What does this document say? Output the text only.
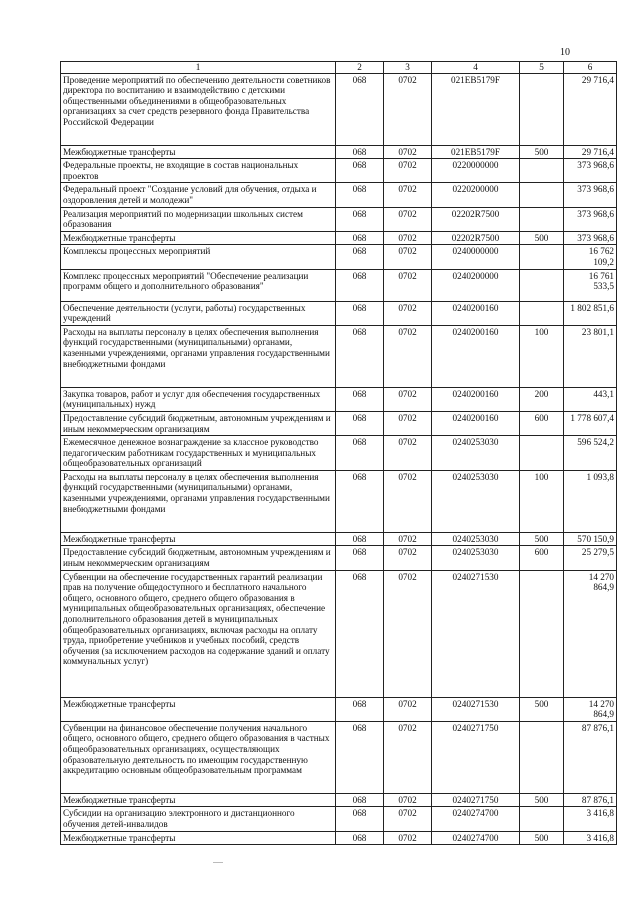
10
1	2	3	4	5	6
Проведение мероприятий по обеспечению деятельности советников директора по воспитанию и взаимодействию с детскими общественными объединениями в общеобразовательных организациях за счет средств резервного фонда Правительства Российской Федерации	068	0702	021ЕВ5179F		29 716,4
Межбюджетные трансферты	068	0702	021ЕВ5179F	500	29 716,4
Федеральные проекты, не входящие в состав национальных проектов	068	0702	0220000000		373 968,6
Федеральный проект "Создание условий для обучения, отдыха и оздоровления детей и молодежи"	068	0702	0220200000		373 968,6
Реализация мероприятий по модернизации школьных систем образования	068	0702	02202R7500		373 968,6
Межбюджетные трансферты	068	0702	02202R7500	500	373 968,6
Комплексы процессных мероприятий	068	0702	0240000000		16 762 109,2
Комплекс процессных мероприятий "Обеспечение реализации программ общего и дополнительного образования"	068	0702	0240200000		16 761 533,5
Обеспечение деятельности (услуги, работы) государственных учреждений	068	0702	0240200160		1 802 851,6
Расходы на выплаты персоналу в целях обеспечения выполнения функций государственными (муниципальными) органами, казенными учреждениями, органами управления государственными внебюджетными фондами	068	0702	0240200160	100	23 801,1
Закупка товаров, работ и услуг для обеспечения государственных (муниципальных) нужд	068	0702	0240200160	200	443,1
Предоставление субсидий бюджетным, автономным учреждениям и иным некоммерческим организациям	068	0702	0240200160	600	1 778 607,4
Ежемесячное денежное вознаграждение за классное руководство педагогическим работникам государственных и муниципальных общеобразовательных организаций	068	0702	0240253030		596 524,2
Расходы на выплаты персоналу в целях обеспечения выполнения функций государственными (муниципальными) органами, казенными учреждениями, органами управления государственными внебюджетными фондами	068	0702	0240253030	100	1 093,8
Межбюджетные трансферты	068	0702	0240253030	500	570 150,9
Предоставление субсидий бюджетным, автономным учреждениям и иным некоммерческим организациям	068	0702	0240253030	600	25 279,5
Субвенции на обеспечение государственных гарантий реализации прав на получение общедоступного и бесплатного начального общего, основного общего, среднего общего образования в муниципальных общеобразовательных организациях, обеспечение дополнительного образования детей в муниципальных общеобразовательных организациях, включая расходы на оплату труда, приобретение учебников и учебных пособий, средств обучения (за исключением расходов на содержание зданий и оплату коммунальных услуг)	068	0702	0240271530		14 270 864,9
Межбюджетные трансферты	068	0702	0240271530	500	14 270 864,9
Субвенции на финансовое обеспечение получения начального общего, основного общего, среднего общего образования в частных общеобразовательных организациях, осуществляющих образовательную деятельность по имеющим государственную аккредитацию основным общеобразовательным программам	068	0702	0240271750		87 876,1
Межбюджетные трансферты	068	0702	0240271750	500	87 876,1
Субсидии на организацию электронного и дистанционного обучения детей-инвалидов	068	0702	0240274700		3 416,8
Межбюджетные трансферты	068	0702	0240274700	500	3 416,8
